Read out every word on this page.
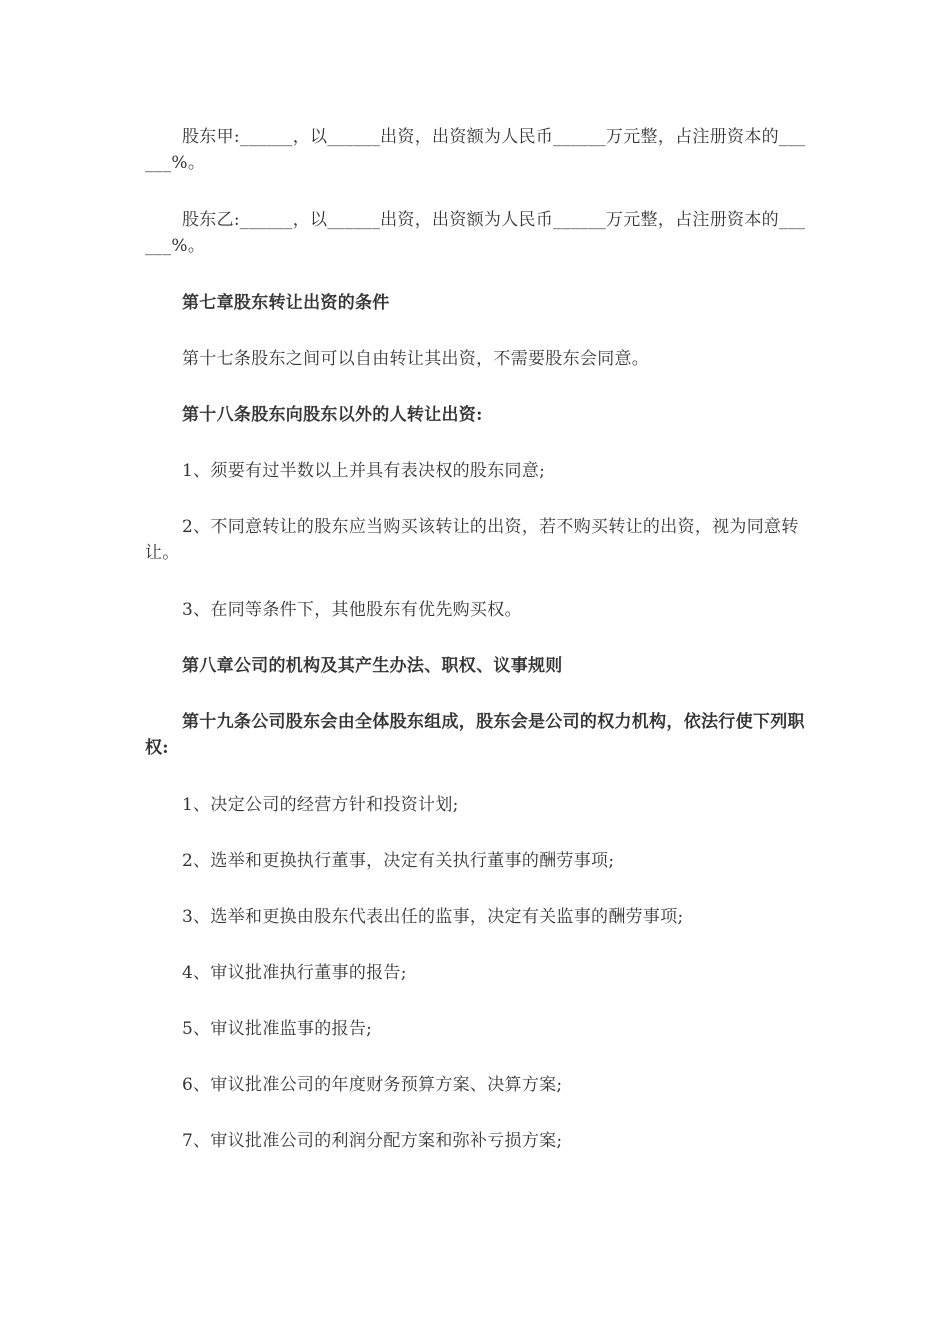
股东甲:______，以______出资，出资额为人民币______万元整，占注册资本的______%。

股东乙:______，以______出资，出资额为人民币______万元整，占注册资本的______%。

第七章股东转让出资的条件

第十七条股东之间可以自由转让其出资，不需要股东会同意。

第十八条股东向股东以外的人转让出资:

1、须要有过半数以上并具有表决权的股东同意;

2、不同意转让的股东应当购买该转让的出资，若不购买转让的出资，视为同意转让。

3、在同等条件下，其他股东有优先购买权。

第八章公司的机构及其产生办法、职权、议事规则

第十九条公司股东会由全体股东组成，股东会是公司的权力机构，依法行使下列职权:

1、决定公司的经营方针和投资计划;

2、选举和更换执行董事，决定有关执行董事的酬劳事项;

3、选举和更换由股东代表出任的监事，决定有关监事的酬劳事项;

4、审议批准执行董事的报告;

5、审议批准监事的报告;

6、审议批准公司的年度财务预算方案、决算方案;

7、审议批准公司的利润分配方案和弥补亏损方案;
